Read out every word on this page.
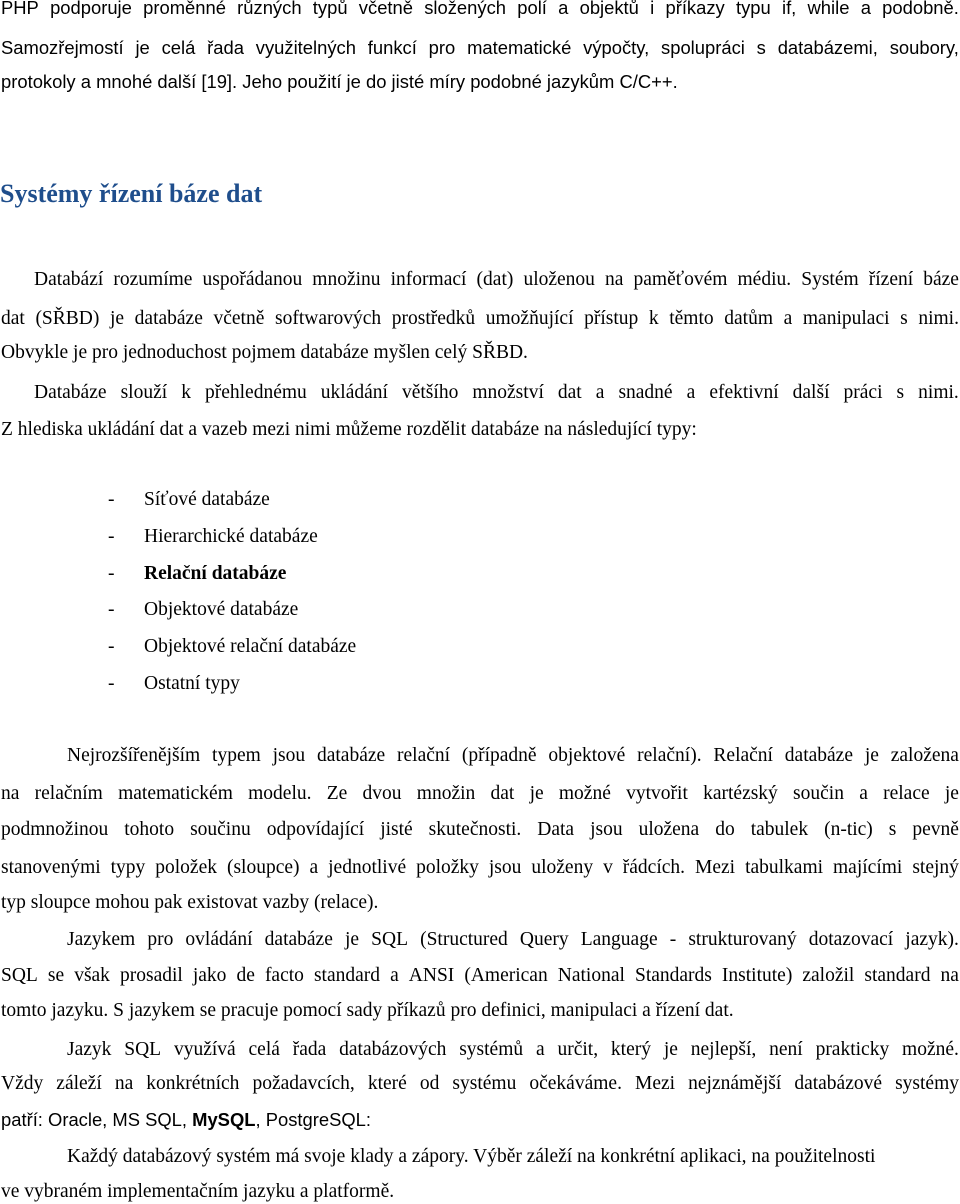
PHP podporuje proměnné různých typů včetně složených polí a objektů i příkazy typu if, while a podobně.
Samozřejmostí je celá řada využitelných funkcí pro matematické výpočty, spolupráci s databázemi, soubory,
protokoly a mnohé další [19]. Jeho použití je do jisté míry podobné jazykům C/C++.
Systémy řízení báze dat
Databází rozumíme uspořádanou množinu informací (dat) uloženou na paměťovém médiu. Systém řízení báze
dat (SŘBD) je databáze včetně softwarových prostředků umožňující přístup k těmto datům a manipulaci s nimi.
Obvykle je pro jednoduchost pojmem databáze myšlen celý SŘBD.
Databáze slouží k přehlednému ukládání většího množství dat a snadné a efektivní další práci s nimi.
Z hlediska ukládání dat a vazeb mezi nimi můžeme rozdělit databáze na následující typy:
- Síťové databáze
- Hierarchické databáze
- Relační databáze
- Objektové databáze
- Objektové relační databáze
- Ostatní typy
Nejrozšířenějším typem jsou databáze relační (případně objektové relační). Relační databáze je založena
na relačním matematickém modelu. Ze dvou množin dat je možné vytvořit kartézský součin a relace je
podmnožinou tohoto součinu odpovídající jisté skutečnosti. Data jsou uložena do tabulek (n-tic) s pevně
stanovenými typy položek (sloupce) a jednotlivé položky jsou uloženy v řádcích. Mezi tabulkami majícími stejný
typ sloupce mohou pak existovat vazby (relace).
Jazykem pro ovládání databáze je SQL (Structured Query Language - strukturovaný dotazovací jazyk).
SQL se však prosadil jako de facto standard a ANSI (American National Standards Institute) založil standard na
tomto jazyku. S jazykem se pracuje pomocí sady příkazů pro definici, manipulaci a řízení dat.
Jazyk SQL využívá celá řada databázových systémů a určit, který je nejlepší, není prakticky možné.
Vždy záleží na konkrétních požadavcích, které od systému očekáváme. Mezi nejznámější databázové systémy
patří: Oracle, MS SQL, MySQL, PostgreSQL:
Každý databázový systém má svoje klady a zápory. Výběr záleží na konkrétní aplikaci, na použitelnosti
ve vybraném implementačním jazyku a platformě.
